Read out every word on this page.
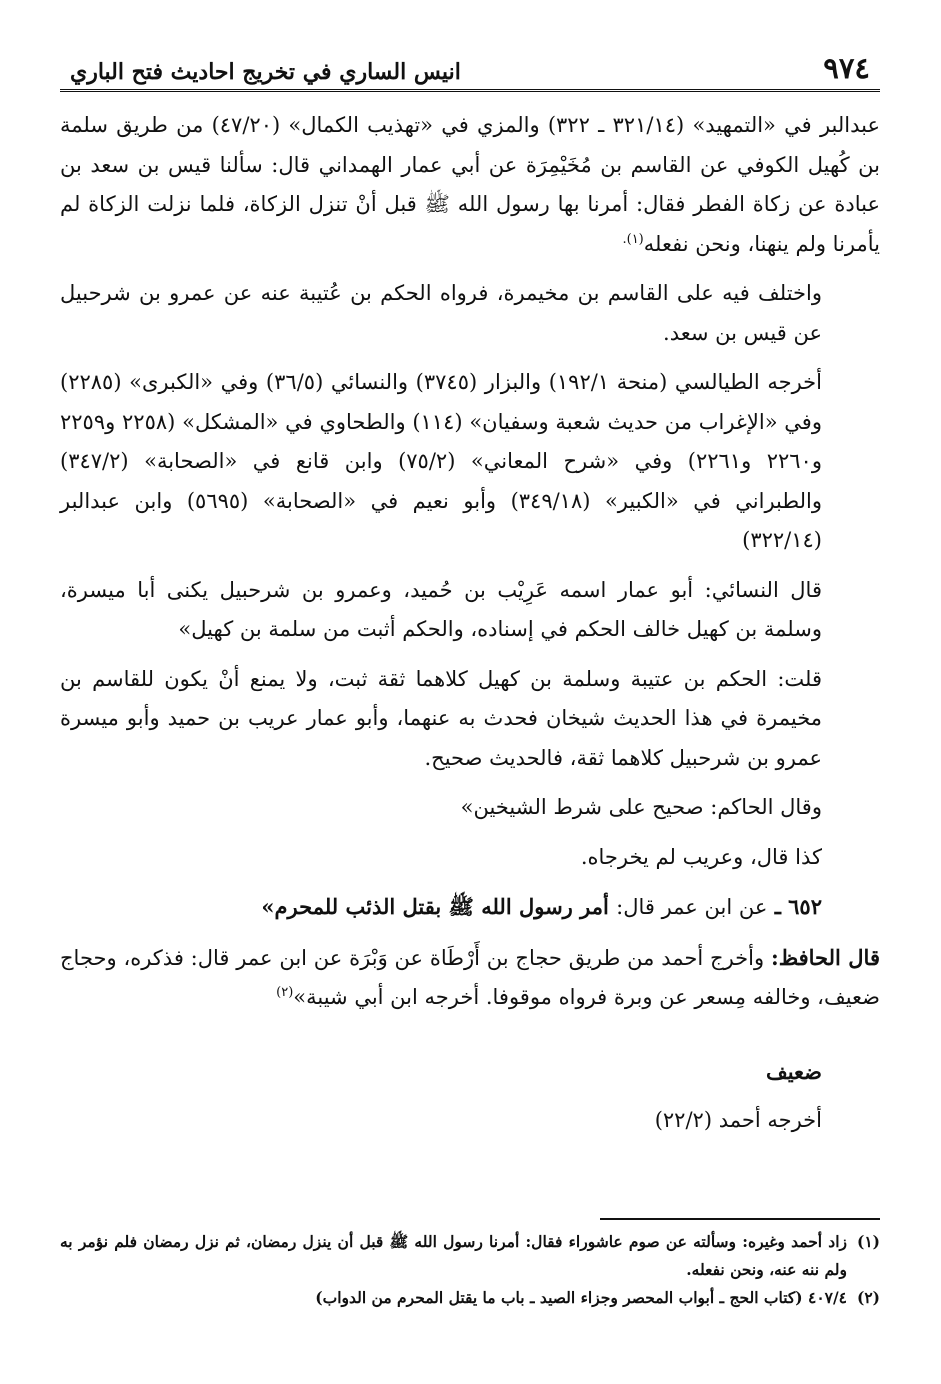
٩٧٤
انيس الساري في تخريج احاديث فتح الباري

عبدالبر في «التمهيد» (٣٢١/١٤ ـ ٣٢٢) والمزي في «تهذيب الكمال» (٤٧/٢٠) من طريق سلمة بن كُهيل الكوفي عن القاسم بن مُخَيْمِرَة عن أبي عمار الهمداني قال: سألنا قيس بن سعد بن عبادة عن زكاة الفطر فقال: أمرنا بها رسول الله ﷺ قبل أنْ تنزل الزكاة، فلما نزلت الزكاة لم يأمرنا ولم ينهنا، ونحن نفعله$^{(١).}$

واختلف فيه على القاسم بن مخيمرة، فرواه الحكم بن عُتيبة عنه عن عمرو بن شرحبيل عن قيس بن سعد.

أخرجه الطيالسي (منحة ١٩٢/١) والبزار (٣٧٤٥) والنسائي (٣٦/٥) وفي «الكبرى» (٢٢٨٥) وفي «الإغراب من حديث شعبة وسفيان» (١١٤) والطحاوي في «المشكل» (٢٢٥٨ و٢٢٥٩ و٢٢٦٠ و٢٢٦١) وفي «شرح المعاني» (٧٥/٢) وابن قانع في «الصحابة» (٣٤٧/٢) والطبراني في «الكبير» (٣٤٩/١٨) وأبو نعيم في «الصحابة» (٥٦٩٥) وابن عبدالبر (٣٢٢/١٤)

قال النسائي: أبو عمار اسمه عَرِيْب بن حُميد، وعمرو بن شرحبيل يكنى أبا ميسرة، وسلمة بن كهيل خالف الحكم في إسناده، والحكم أثبت من سلمة بن كهيل»

قلت: الحكم بن عتيبة وسلمة بن كهيل كلاهما ثقة ثبت، ولا يمنع أنْ يكون للقاسم بن مخيمرة في هذا الحديث شيخان فحدث به عنهما، وأبو عمار عريب بن حميد وأبو ميسرة عمرو بن شرحبيل كلاهما ثقة، فالحديث صحيح.

وقال الحاكم: صحيح على شرط الشيخين»

كذا قال، وعريب لم يخرجاه.

٦٥٢ ـ عن ابن عمر قال: أمر رسول الله ﷺ بقتل الذئب للمحرم»

قال الحافظ: وأخرج أحمد من طريق حجاج بن أَرْطَاة عن وَبْرَة عن ابن عمر قال: فذكره، وحجاج ضعيف، وخالفه مِسعر عن وبرة فرواه موقوفا. أخرجه ابن أبي شيبة»$^{(٢)}$

ضعيف

أخرجه أحمد (٢٢/٢)

(١)
زاد أحمد وغيره: وسألته عن صوم عاشوراء فقال: أمرنا رسول الله ﷺ قبل أن ينزل رمضان، ثم نزل رمضان فلم نؤمر به ولم ننه عنه، ونحن نفعله.
(٢)
٤٠٧/٤ (كتاب الحج ـ أبواب المحصر وجزاء الصيد ـ باب ما يقتل المحرم من الدواب)
